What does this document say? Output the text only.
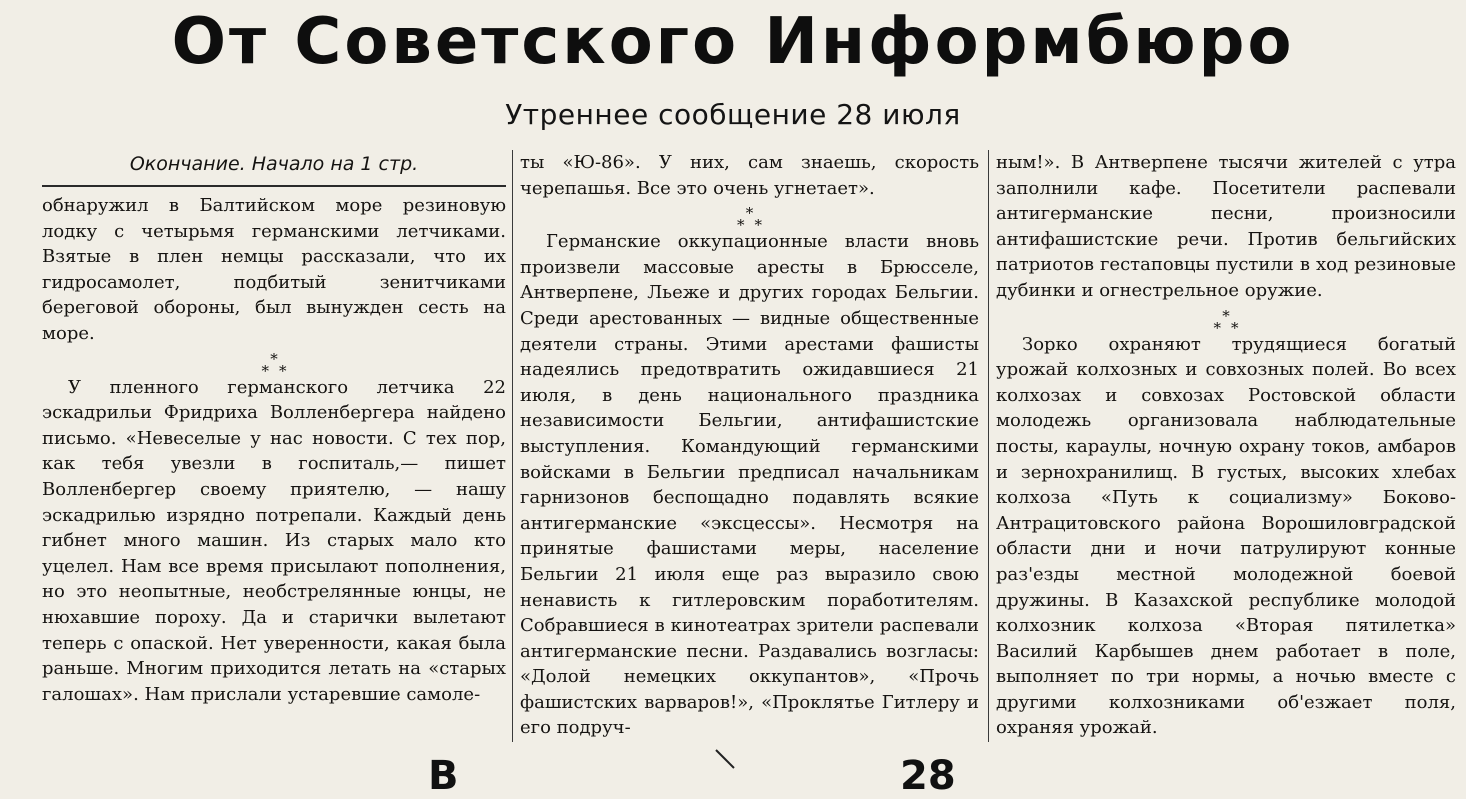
От Советского Информбюро
Утреннее сообщение 28 июля
Окончание. Начало на 1 стр.

обнаружил в Балтийском море резиновую лодку с четырьмя германскими летчиками. Взятые в плен немцы рассказали, что их гидросамолет, подбитый зенитчиками береговой обороны, был вынужден сесть на море.

*
* *

У пленного германского летчика 22 эскадрильи Фридриха Волленбергера найдено письмо. «Невеселые у нас новости. С тех пор, как тебя увезли в госпиталь,— пишет Волленбергер своему приятелю, — нашу эскадрилью изрядно потрепали. Каждый день гибнет много машин. Из старых мало кто уцелел. Нам все время присылают пополнения, но это неопытные, необстрелянные юнцы, не нюхавшие пороху. Да и старички вылетают теперь с опаской. Нет уверенности, какая была раньше. Многим приходится летать на «старых галошах». Нам прислали устаревшие самоле-

ты «Ю-86». У них, сам знаешь, скорость черепашья. Все это очень угнетает».

*
* *

Германские оккупационные власти вновь произвели массовые аресты в Брюсселе, Антверпене, Льеже и других городах Бельгии. Среди арестованных — видные общественные деятели страны. Этими арестами фашисты надеялись предотвратить ожидавшиеся 21 июля, в день национального праздника независимости Бельгии, антифашистские выступления. Командующий германскими войсками в Бельгии предписал начальникам гарнизонов беспощадно подавлять всякие антигерманские «эксцессы». Несмотря на принятые фашистами меры, население Бельгии 21 июля еще раз выразило свою ненависть к гитлеровским поработителям. Собравшиеся в кинотеатрах зрители распевали антигерманские песни. Раздавались возгласы: «Долой немецких оккупантов», «Прочь фашистских варваров!», «Проклятье Гитлеру и его подруч-

ным!». В Антверпене тысячи жителей с утра заполнили кафе. Посетители распевали антигерманские песни, произносили антифашистские речи. Против бельгийских патриотов гестаповцы пустили в ход резиновые дубинки и огнестрельное оружие.

*
* *

Зорко охраняют трудящиеся богатый урожай колхозных и совхозных полей. Во всех колхозах и совхозах Ростовской области молодежь организовала наблюдательные посты, караулы, ночную охрану токов, амбаров и зернохранилищ. В густых, высоких хлебах колхоза «Путь к социализму» Боково-Антрацитовского района Ворошиловградской области дни и ночи патрулируют конные раз'езды местной молодежной боевой дружины. В Казахской республике молодой колхозник колхоза «Вторая пятилетка» Василий Карбышев днем работает в поле, выполняет по три нормы, а ночью вместе с другими колхозниками об'езжает поля, охраняя урожай.

В	28
